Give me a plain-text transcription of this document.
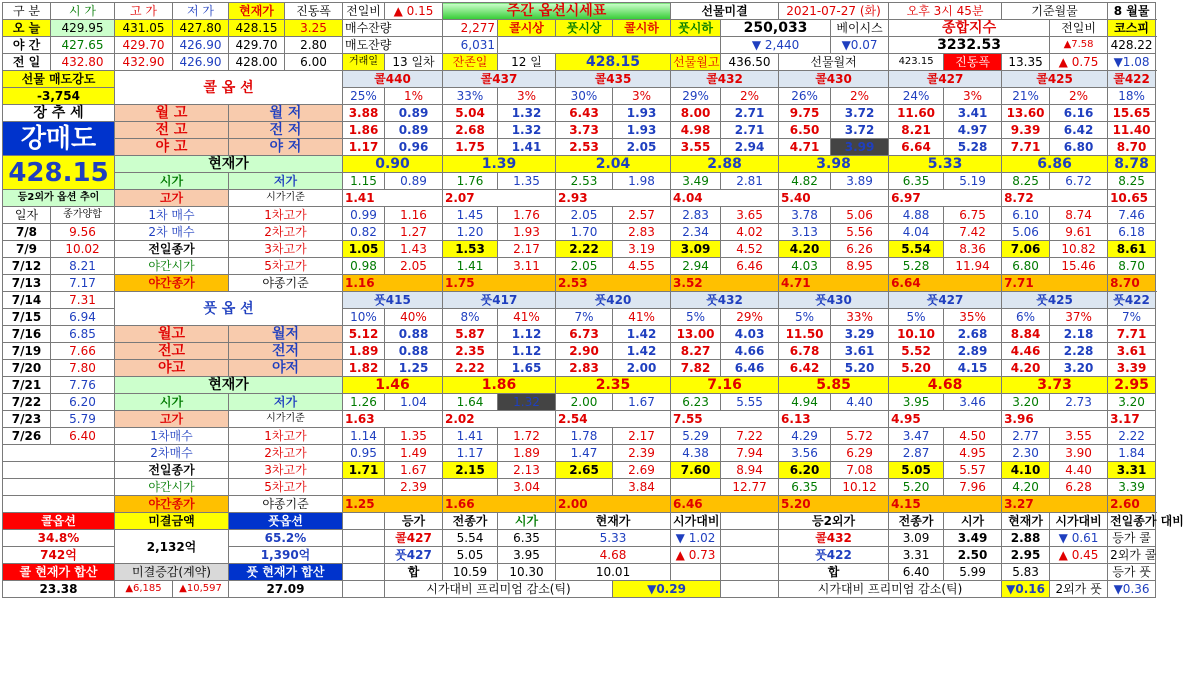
구 분	시 가	고 가	저 가	현재가	진동폭	전일비	▲ 0.15	주간 옵션시세표				선물미결		2021-07-27 (화)		오후 3시 45분		기준월물		8 월물	
오 늘	429.95	431.05	427.80	428.15	3.25	매수잔량		2,277	콜시상	풋시상	콜시하	풋시하	250,033		베이시스	종합지수			전일비	코스피	
야 간	427.65	429.70	426.90	429.70	2.80	매도잔량		6,031					▼ 2,440		▼0.07	3232.53			▲7.58	428.22	
전 일	432.80	432.90	426.90	428.00	6.00	거래일	13 일차	잔존일	12 일	428.15		선물월고	436.50	선물월저		423.15	진동폭	13.35	▲ 0.75	▼1.08	
선물 매도강도		콜 옵 션				콜440		콜437		콜435		콜432		콜430		콜427		콜425		콜422	
-3,754						25%	1%	33%	3%	30%	3%	29%	2%	26%	2%	24%	3%	21%	2%	18%	
장 추 세		월 고		월 저		3.88	0.89	5.04	1.32	6.43	1.93	8.00	2.71	9.75	3.72	11.60	3.41	13.60	6.16	15.65	
강매도		전 고		전 저		1.86	0.89	2.68	1.32	3.73	1.93	4.98	2.71	6.50	3.72	8.21	4.97	9.39	6.42	11.40	
		야 고		야 저		1.17	0.96	1.75	1.41	2.53	2.05	3.55	2.94	4.71	3.99	6.64	5.28	7.71	6.80	8.70	
428.15		현재가				0.90		1.39		2.04		2.88		3.98		5.33		6.86		8.78	
		시가		저가		1.15	0.89	1.76	1.35	2.53	1.98	3.49	2.81	4.82	3.89	6.35	5.19	8.25	6.72	8.25	
등2외가 옵션 추이		고가		시가기준		1.41		2.07		2.93		4.04		5.40		6.97		8.72		10.65	
일자	종가양합	1차 매수		1차고가		0.99	1.16	1.45	1.76	2.05	2.57	2.83	3.65	3.78	5.06	4.88	6.75	6.10	8.74	7.46	
7/8	9.56	2차 매수		2차고가		0.82	1.27	1.20	1.93	1.70	2.83	2.34	4.02	3.13	5.56	4.04	7.42	5.06	9.61	6.18	
7/9	10.02	전일종가		3차고가		1.05	1.43	1.53	2.17	2.22	3.19	3.09	4.52	4.20	6.26	5.54	8.36	7.06	10.82	8.61	
7/12	8.21	야간시가		5차고가		0.98	2.05	1.41	3.11	2.05	4.55	2.94	6.46	4.03	8.95	5.28	11.94	6.80	15.46	8.70	
7/13	7.17	야간종가		야종기준		1.16		1.75		2.53		3.52		4.71		6.64		7.71		8.70	
7/14	7.31	풋 옵 션				풋415		풋417		풋420		풋432		풋430		풋427		풋425		풋422	
7/15	6.94					10%	40%	8%	41%	7%	41%	5%	29%	5%	33%	5%	35%	6%	37%	7%	
7/16	6.85	월고		월저		5.12	0.88	5.87	1.12	6.73	1.42	13.00	4.03	11.50	3.29	10.10	2.68	8.84	2.18	7.71	
7/19	7.66	전고		전저		1.89	0.88	2.35	1.12	2.90	1.42	8.27	4.66	6.78	3.61	5.52	2.89	4.46	2.28	3.61	
7/20	7.80	야고		야저		1.82	1.25	2.22	1.65	2.83	2.00	7.82	6.46	6.42	5.20	5.20	4.15	4.20	3.20	3.39	
7/21	7.76	현재가				1.46		1.86		2.35		7.16		5.85		4.68		3.73		2.95	
7/22	6.20	시가		저가		1.26	1.04	1.64	1.32	2.00	1.67	6.23	5.55	4.94	4.40	3.95	3.46	3.20	2.73	3.20	
7/23	5.79	고가		시가기준		1.63		2.02		2.54		7.55		6.13		4.95		3.96		3.17	
7/26	6.40	1차매수		1차고가		1.14	1.35	1.41	1.72	1.78	2.17	5.29	7.22	4.29	5.72	3.47	4.50	2.77	3.55	2.22	
		2차매수		2차고가		0.95	1.49	1.17	1.89	1.47	2.39	4.38	7.94	3.56	6.29	2.87	4.95	2.30	3.90	1.84	
		전일종가		3차고가		1.71	1.67	2.15	2.13	2.65	2.69	7.60	8.94	6.20	7.08	5.05	5.57	4.10	4.40	3.31	
		야간시가		5차고가			2.39		3.04		3.84		12.77	6.35	10.12	5.20	7.96	4.20	6.28	3.39	
		야간종가		야종기준		1.25		1.66		2.00		6.46		5.20		4.15		3.27		2.60	
콜옵션		미결금액		풋옵션			등가	전종가	시가	현재가		시가대비		등2외가		전종가	시가	현재가	시가대비	전일종가 대비	
34.8%		2,132억		65.2%			콜427	5.54	6.35	5.33		▼ 1.02		콜432		3.09	3.49	2.88	▼ 0.61	등가 콜	
742억				1,390억			풋427	5.05	3.95	4.68		▲ 0.73		풋422		3.31	2.50	2.95	▲ 0.45	2외가 콜	
콜 현재가 합산		미결증감(계약)		풋 현재가 합산			합	10.59	10.30	10.01				합		6.40	5.99	5.83		등가 풋	
23.38		▲6,185	▲10,597	27.09			시가대비 프리미엄 감소(틱)				▼0.29			시가대비 프리미엄 감소(틱)				▼0.16	2외가 풋	▼0.36	
